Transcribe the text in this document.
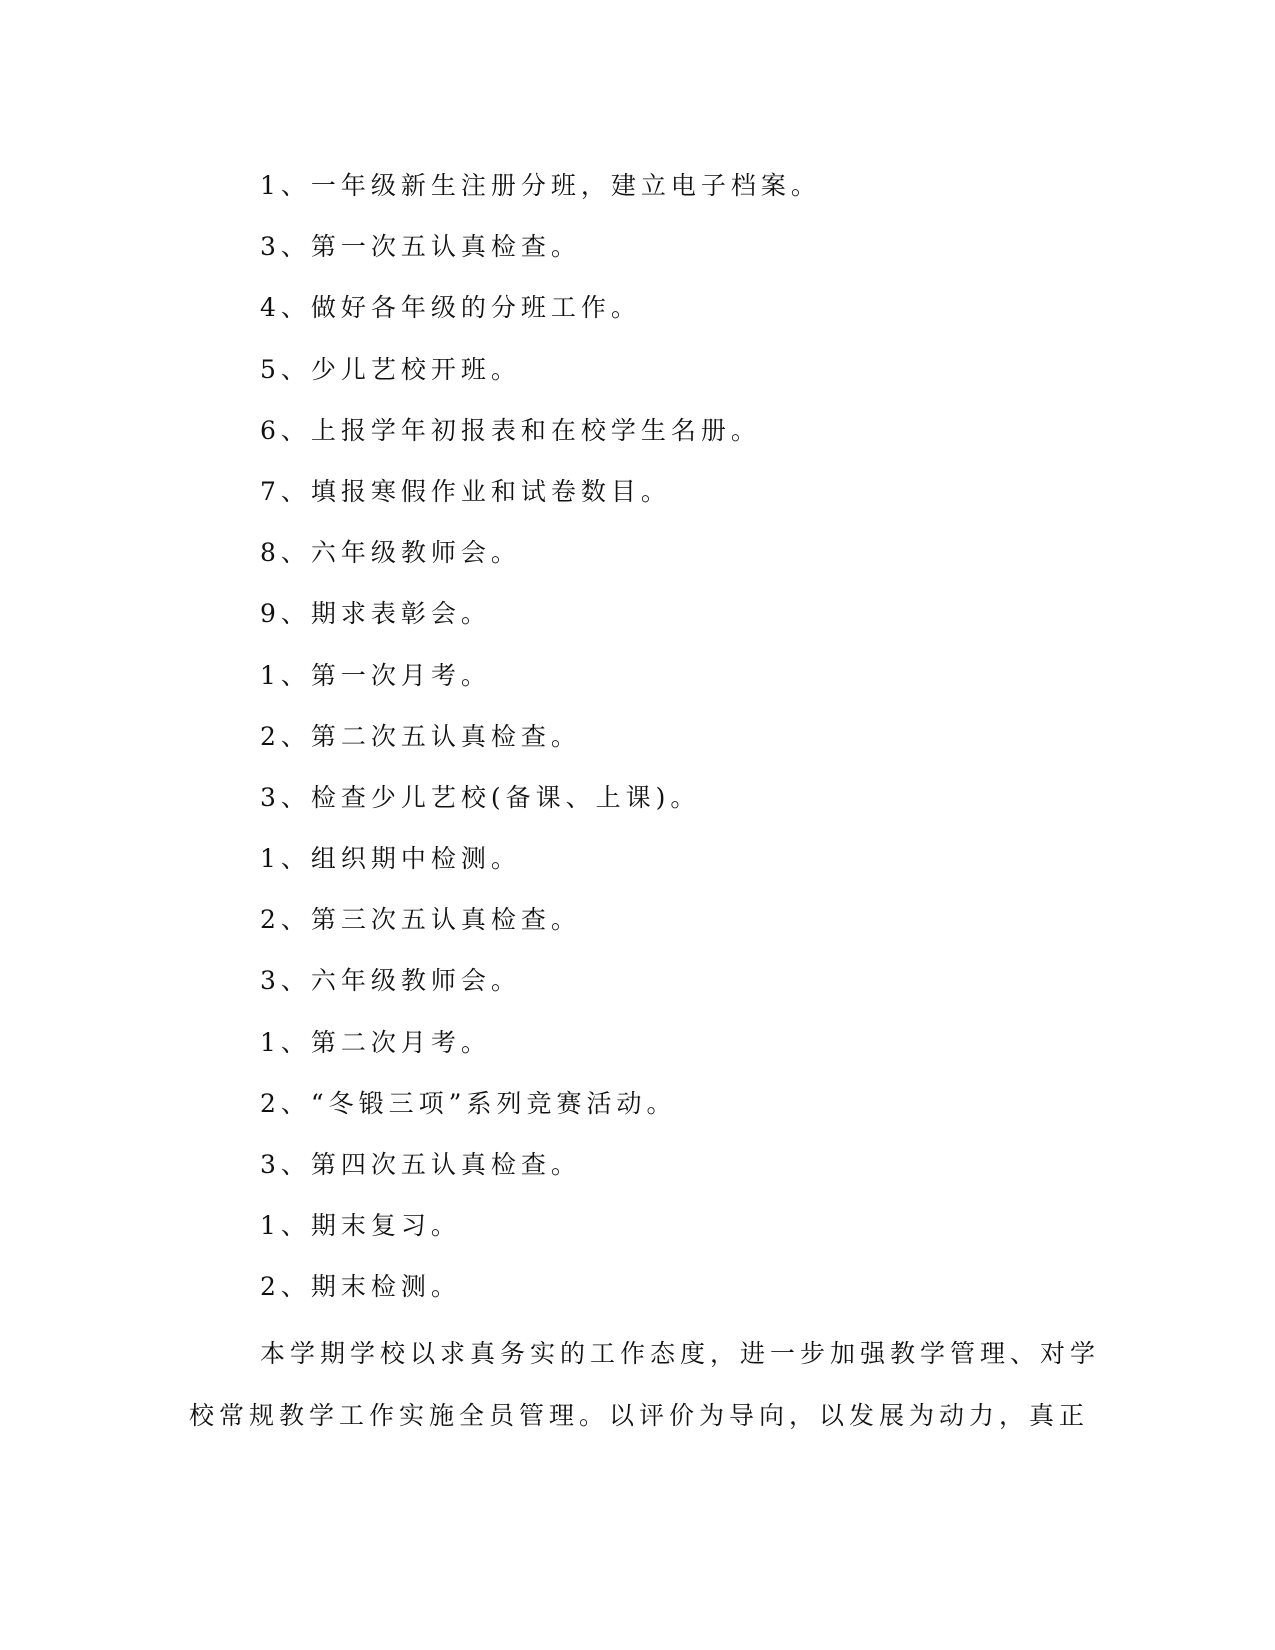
1、一年级新生注册分班，建立电子档案。
3、第一次五认真检查。
4、做好各年级的分班工作。
5、少儿艺校开班。
6、上报学年初报表和在校学生名册。
7、填报寒假作业和试卷数目。
8、六年级教师会。
9、期求表彰会。
1、第一次月考。
2、第二次五认真检查。
3、检查少儿艺校(备课、上课)。
1、组织期中检测。
2、第三次五认真检查。
3、六年级教师会。
1、第二次月考。
2、“冬锻三项”系列竞赛活动。
3、第四次五认真检查。
1、期末复习。
2、期末检测。
本学期学校以求真务实的工作态度，进一步加强教学管理、对学
校常规教学工作实施全员管理。以评价为导向，以发展为动力，真正
